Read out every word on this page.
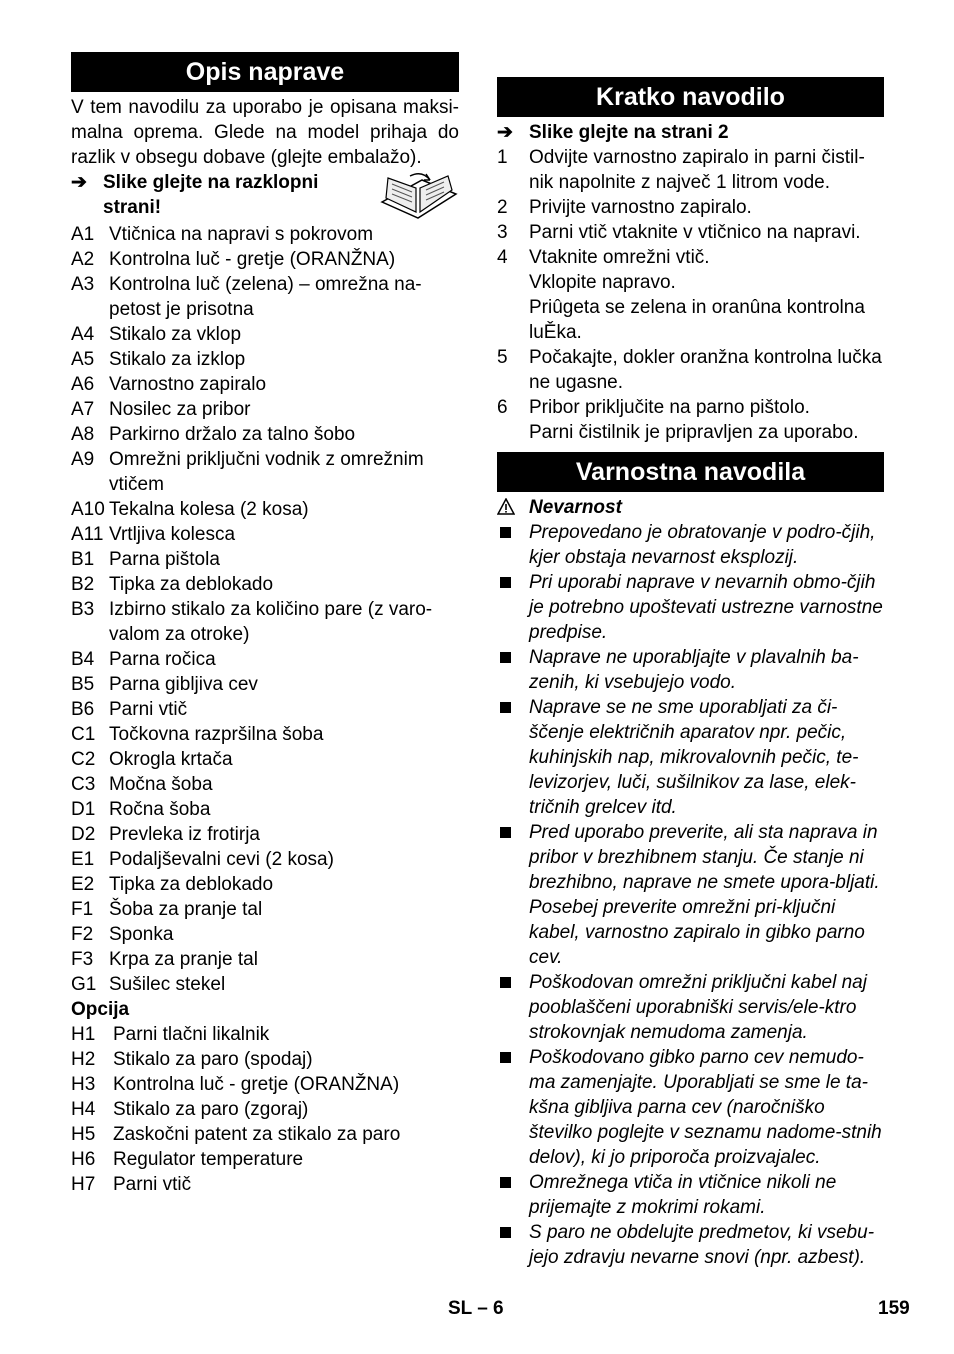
Opis naprave

V tem navodilu za uporabo je opisana maksi-malna oprema. Glede na model prihaja do razlik v obsegu dobave (glejte embalažo).

➔ Slike glejte na razklopni
strani!
A1 Vtičnica na napravi s pokrovom
A2 Kontrolna luč - gretje (ORANŽNA)
A3 Kontrolna luč (zelena) – omrežna na-petost je prisotna
A4 Stikalo za vklop
A5 Stikalo za izklop
A6 Varnostno zapiralo
A7 Nosilec za pribor
A8 Parkirno držalo za talno šobo
A9 Omrežni priključni vodnik z omrežnim vtičem
A10 Tekalna kolesa (2 kosa)
A11 Vrtljiva kolesca
B1 Parna pištola
B2 Tipka za deblokado
B3 Izbirno stikalo za količino pare (z varo-valom za otroke)
B4 Parna ročica
B5 Parna gibljiva cev
B6 Parni vtič
C1 Točkovna razpršilna šoba
C2 Okrogla krtača
C3 Močna šoba
D1 Ročna šoba
D2 Prevleka iz frotirja
E1 Podaljševalni cevi (2 kosa)
E2 Tipka za deblokado
F1 Šoba za pranje tal
F2 Sponka
F3 Krpa za pranje tal
G1 Sušilec stekel
Opcija
H1 Parni tlačni likalnik
H2 Stikalo za paro (spodaj)
H3 Kontrolna luč - gretje (ORANŽNA)
H4 Stikalo za paro (zgoraj)
H5 Zaskočni patent za stikalo za paro
H6 Regulator temperature
H7 Parni vtič
Kratko navodilo
➔ Slike glejte na strani 2
1	Odvijte varnostno zapiralo in parni čistil-nik napolnite z največ 1 litrom vode.
2	Privijte varnostno zapiralo.
3	Parni vtič vtaknite v vtičnico na napravi.
4	Vtaknite omrežni vtič.
Vklopite napravo.
Priûgeta se zelena in oranûna kontrolna luĚka.
5	Počakajte, dokler oranžna kontrolna lučka ne ugasne.
6	Pribor priključite na parno pištolo.
Parni čistilnik je pripravljen za uporabo.
Varnostna navodila
Nevarnost
Prepovedano je obratovanje v podro-čjih, kjer obstaja nevarnost eksplozij.
Pri uporabi naprave v nevarnih obmo-čjih je potrebno upoštevati ustrezne varnostne predpise.
Naprave ne uporabljajte v plavalnih ba-zenih, ki vsebujejo vodo.
Naprave se ne sme uporabljati za či-ščenje električnih aparatov npr. pečic, kuhinjskih nap, mikrovalovnih pečic, te-levizorjev, luči, sušilnikov za lase, elek-tričnih grelcev itd.
Pred uporabo preverite, ali sta naprava in pribor v brezhibnem stanju. Če stanje ni brezhibno, naprave ne smete upora-bljati. Posebej preverite omrežni pri-ključni kabel, varnostno zapiralo in gibko parno cev.
Poškodovan omrežni priključni kabel naj pooblaščeni uporabniški servis/ele-ktro strokovnjak nemudoma zamenja.
Poškodovano gibko parno cev nemudo-ma zamenjajte. Uporabljati se sme le ta-kšna gibljiva parna cev (naročniško številko poglejte v seznamu nadome-stnih delov), ki jo priporoča proizvajalec.
Omrežnega vtiča in vtičnice nikoli ne prijemajte z mokrimi rokami.
S paro ne obdelujte predmetov, ki vsebu-jejo zdravju nevarne snovi (npr. azbest).
SL – 6	159
